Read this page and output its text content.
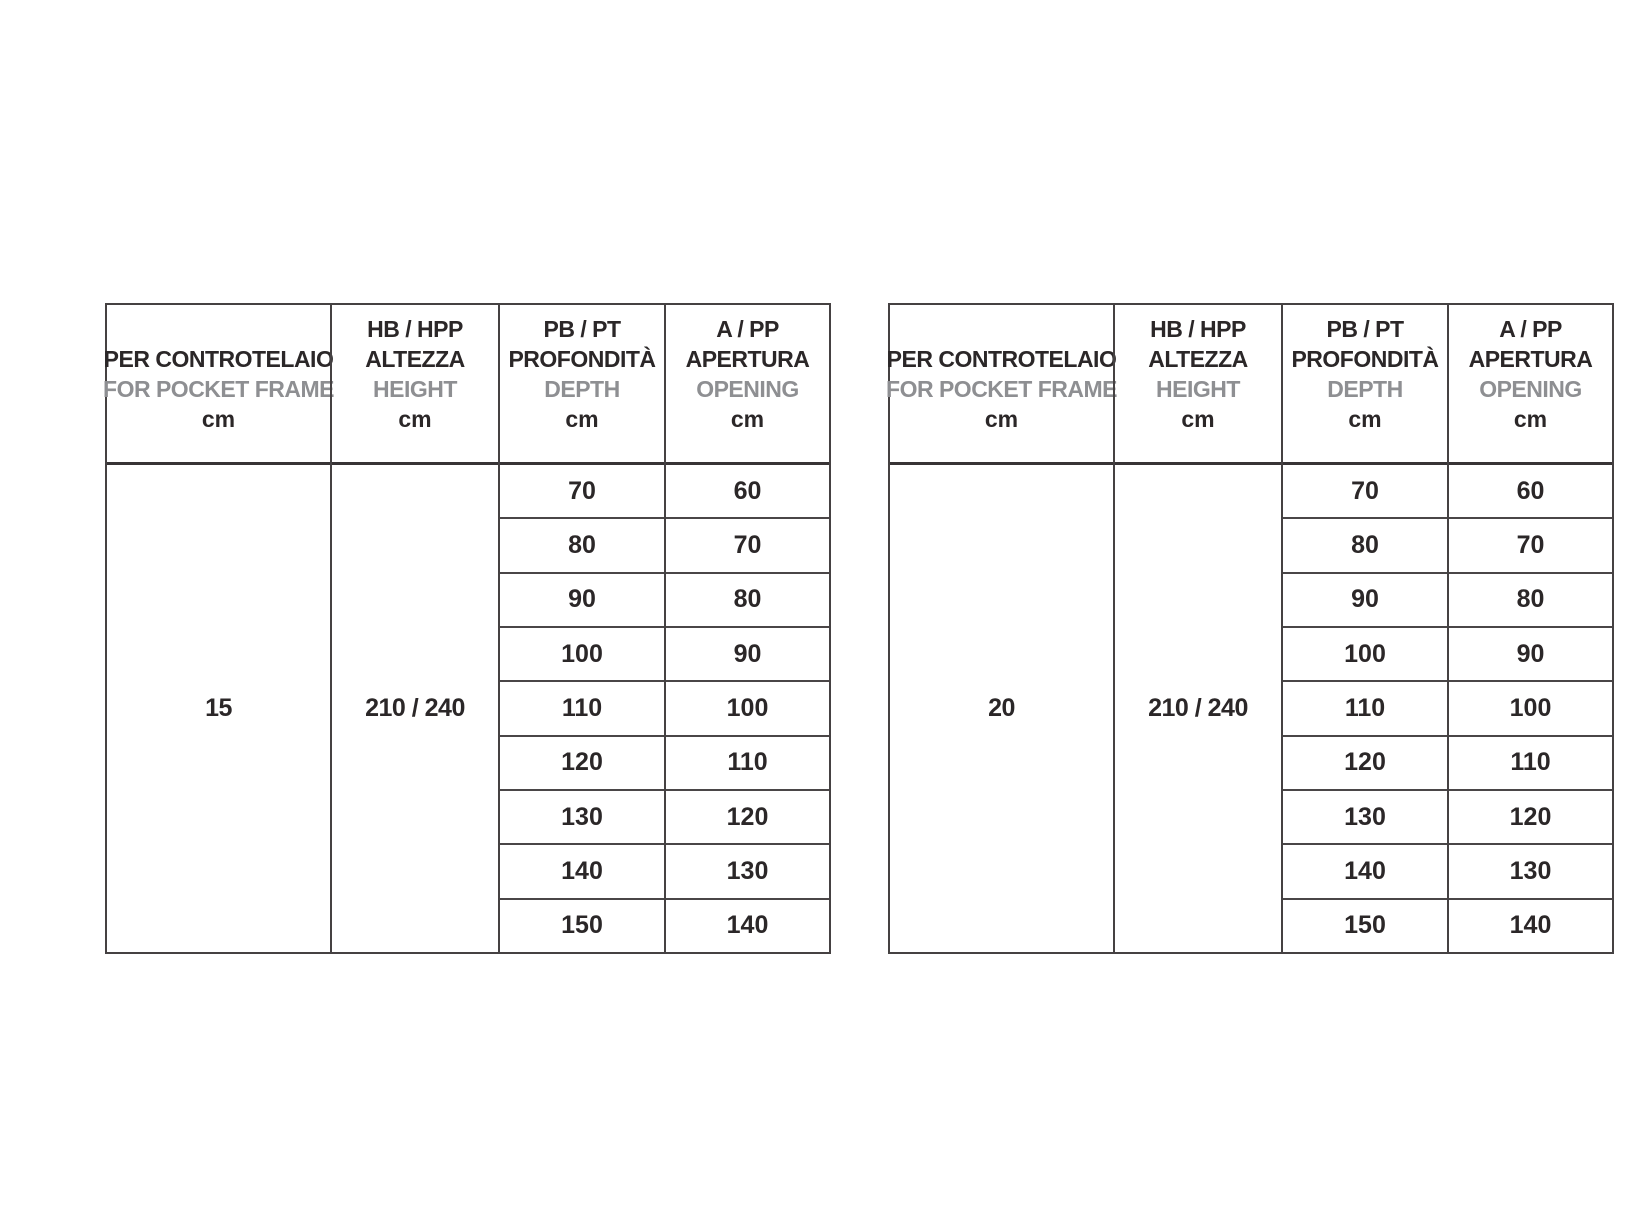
PER CONTROTELAIO
FOR POCKET FRAME
cm
15
HB / HPP
ALTEZZA
HEIGHT
cm
210 / 240
PB / PT
PROFONDITÀ
DEPTH
cm
70
80
90
100
110
120
130
140
150
A / PP
APERTURA
OPENING
cm
60
70
80
90
100
110
120
130
140
PER CONTROTELAIO
FOR POCKET FRAME
cm
20
HB / HPP
ALTEZZA
HEIGHT
cm
210 / 240
PB / PT
PROFONDITÀ
DEPTH
cm
70
80
90
100
110
120
130
140
150
A / PP
APERTURA
OPENING
cm
60
70
80
90
100
110
120
130
140
